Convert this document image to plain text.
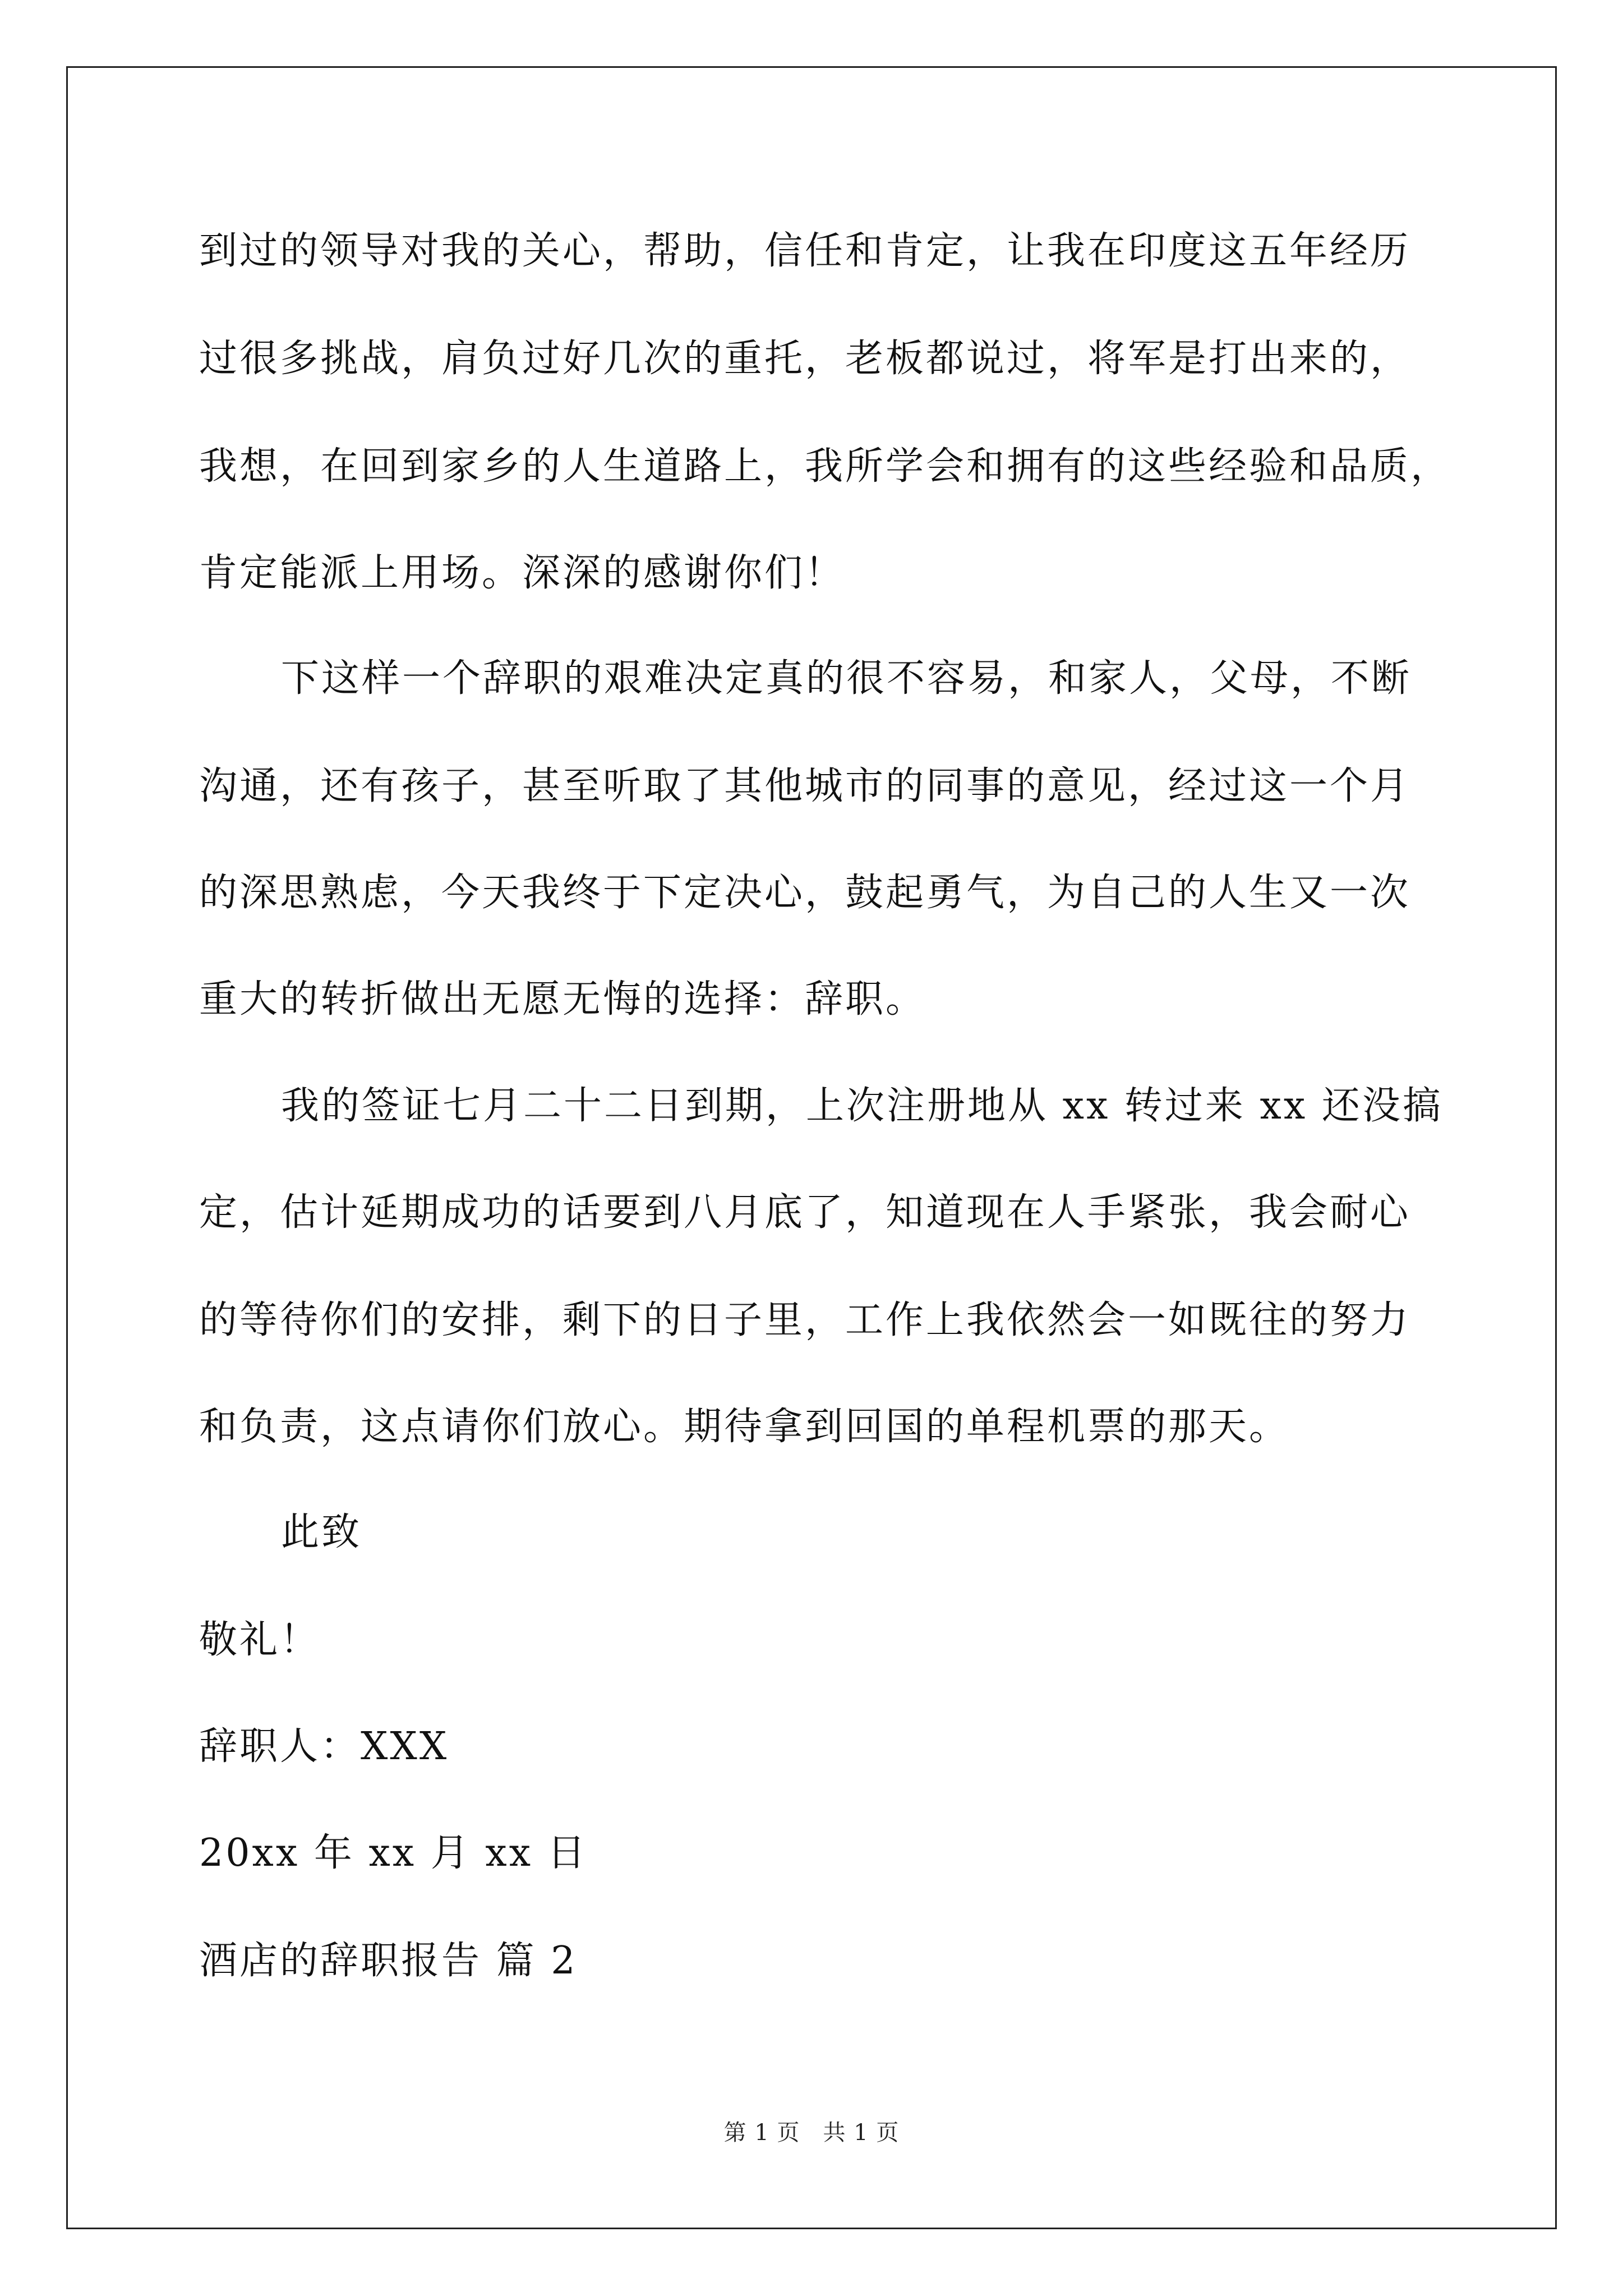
到过的领导对我的关心，帮助，信任和肯定，让我在印度这五年经历
过很多挑战，肩负过好几次的重托，老板都说过，将军是打出来的，
我想，在回到家乡的人生道路上，我所学会和拥有的这些经验和品质，
肯定能派上用场。深深的感谢你们！
下这样一个辞职的艰难决定真的很不容易，和家人，父母，不断
沟通，还有孩子，甚至听取了其他城市的同事的意见，经过这一个月
的深思熟虑，今天我终于下定决心，鼓起勇气，为自己的人生又一次
重大的转折做出无愿无悔的选择：辞职。
我的签证七月二十二日到期，上次注册地从 xx 转过来 xx 还没搞
定，估计延期成功的话要到八月底了，知道现在人手紧张，我会耐心
的等待你们的安排，剩下的日子里，工作上我依然会一如既往的努力
和负责，这点请你们放心。期待拿到回国的单程机票的那天。
此致
敬礼！
辞职人：XXX
20xx 年 xx 月 xx 日
酒店的辞职报告 篇 2
第 1 页　共 1 页
